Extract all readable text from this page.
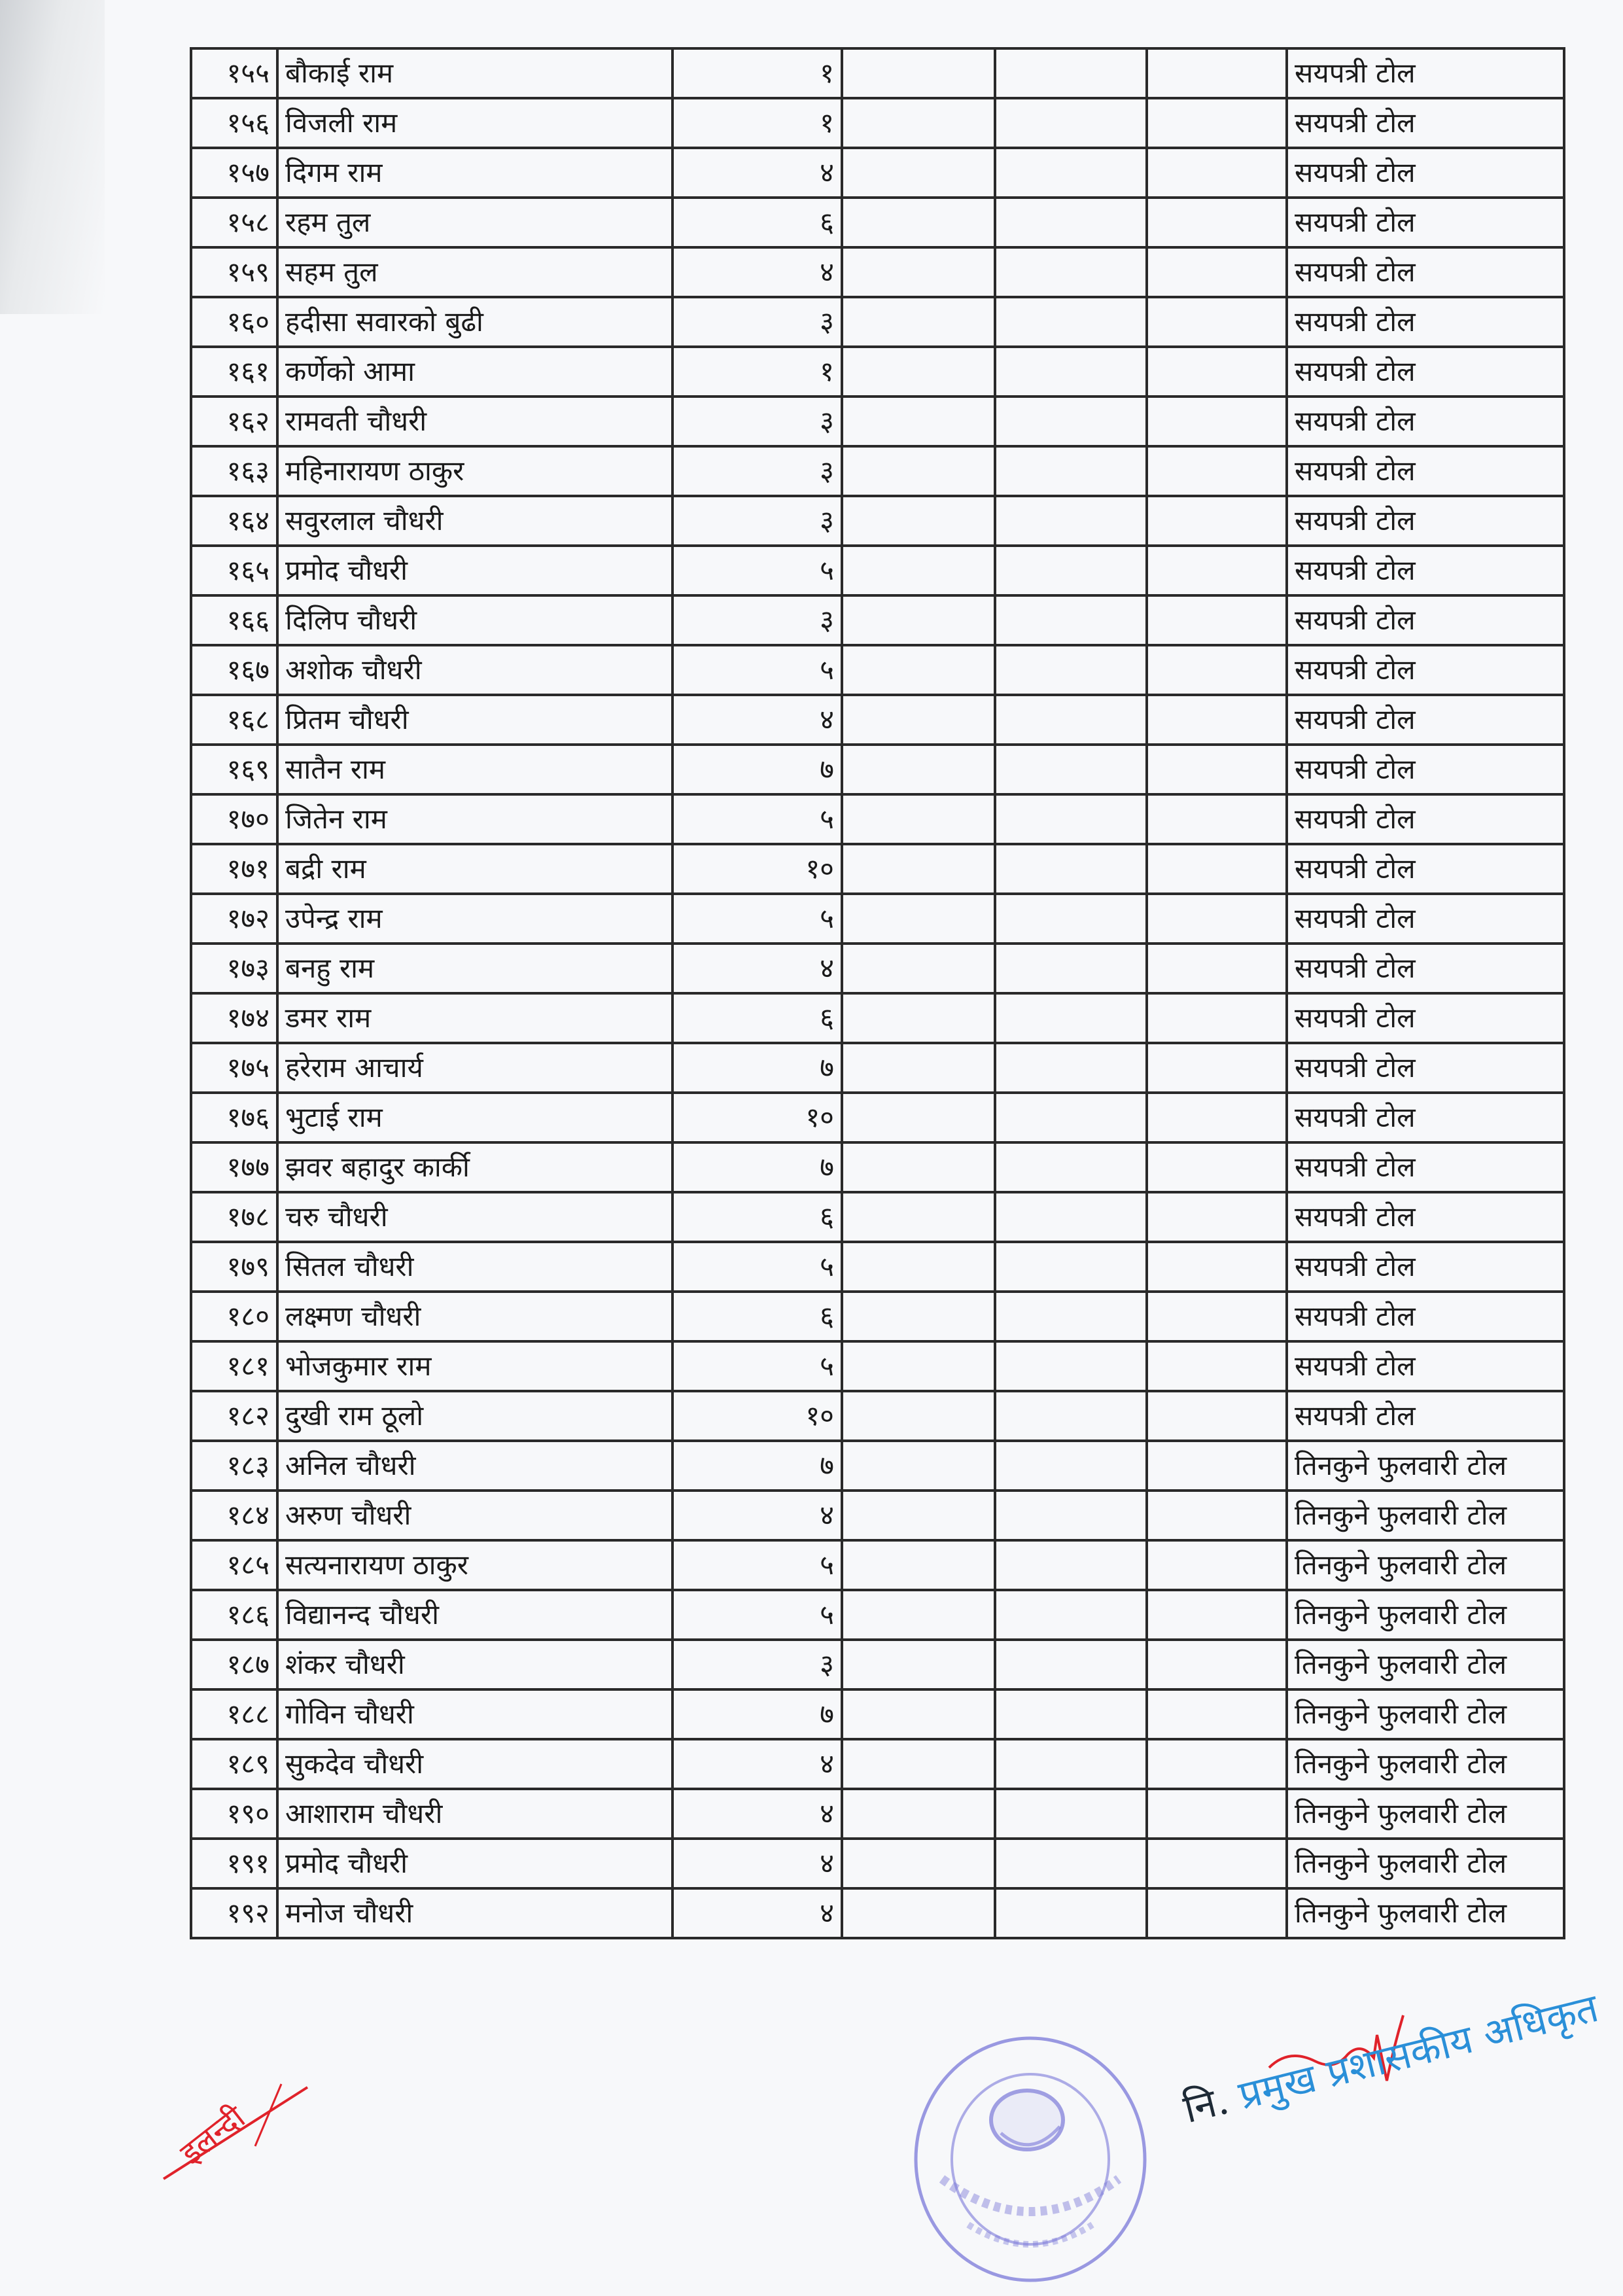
१५५	बौकाई राम	१				सयपत्री टोल
१५६	विजली राम	१				सयपत्री टोल
१५७	दिगम राम	४				सयपत्री टोल
१५८	रहम तुल	६				सयपत्री टोल
१५९	सहम तुल	४				सयपत्री टोल
१६०	हदीसा सवारको बुढी	३				सयपत्री टोल
१६१	कर्णेको आमा	१				सयपत्री टोल
१६२	रामवती चौधरी	३				सयपत्री टोल
१६३	महिनारायण ठाकुर	३				सयपत्री टोल
१६४	सवुरलाल चौधरी	३				सयपत्री टोल
१६५	प्रमोद चौधरी	५				सयपत्री टोल
१६६	दिलिप चौधरी	३				सयपत्री टोल
१६७	अशोक चौधरी	५				सयपत्री टोल
१६८	प्रितम चौधरी	४				सयपत्री टोल
१६९	सातैन राम	७				सयपत्री टोल
१७०	जितेन राम	५				सयपत्री टोल
१७१	बद्री राम	१०				सयपत्री टोल
१७२	उपेन्द्र राम	५				सयपत्री टोल
१७३	बनहु राम	४				सयपत्री टोल
१७४	डमर राम	६				सयपत्री टोल
१७५	हरेराम आचार्य	७				सयपत्री टोल
१७६	भुटाई राम	१०				सयपत्री टोल
१७७	झवर बहादुर कार्की	७				सयपत्री टोल
१७८	चरु चौधरी	६				सयपत्री टोल
१७९	सितल चौधरी	५				सयपत्री टोल
१८०	लक्ष्मण चौधरी	६				सयपत्री टोल
१८१	भोजकुमार राम	५				सयपत्री टोल
१८२	दुखी राम ठूलो	१०				सयपत्री टोल
१८३	अनिल चौधरी	७				तिनकुने फुलवारी टोल
१८४	अरुण चौधरी	४				तिनकुने फुलवारी टोल
१८५	सत्यनारायण ठाकुर	५				तिनकुने फुलवारी टोल
१८६	विद्यानन्द चौधरी	५				तिनकुने फुलवारी टोल
१८७	शंकर चौधरी	३				तिनकुने फुलवारी टोल
१८८	गोविन चौधरी	७				तिनकुने फुलवारी टोल
१८९	सुकदेव चौधरी	४				तिनकुने फुलवारी टोल
१९०	आशाराम चौधरी	४				तिनकुने फुलवारी टोल
१९१	प्रमोद चौधरी	४				तिनकुने फुलवारी टोल
१९२	मनोज चौधरी	४				तिनकुने फुलवारी टोल
इलन्दी	नि. प्रमुख प्रशासकीय अधिकृत
